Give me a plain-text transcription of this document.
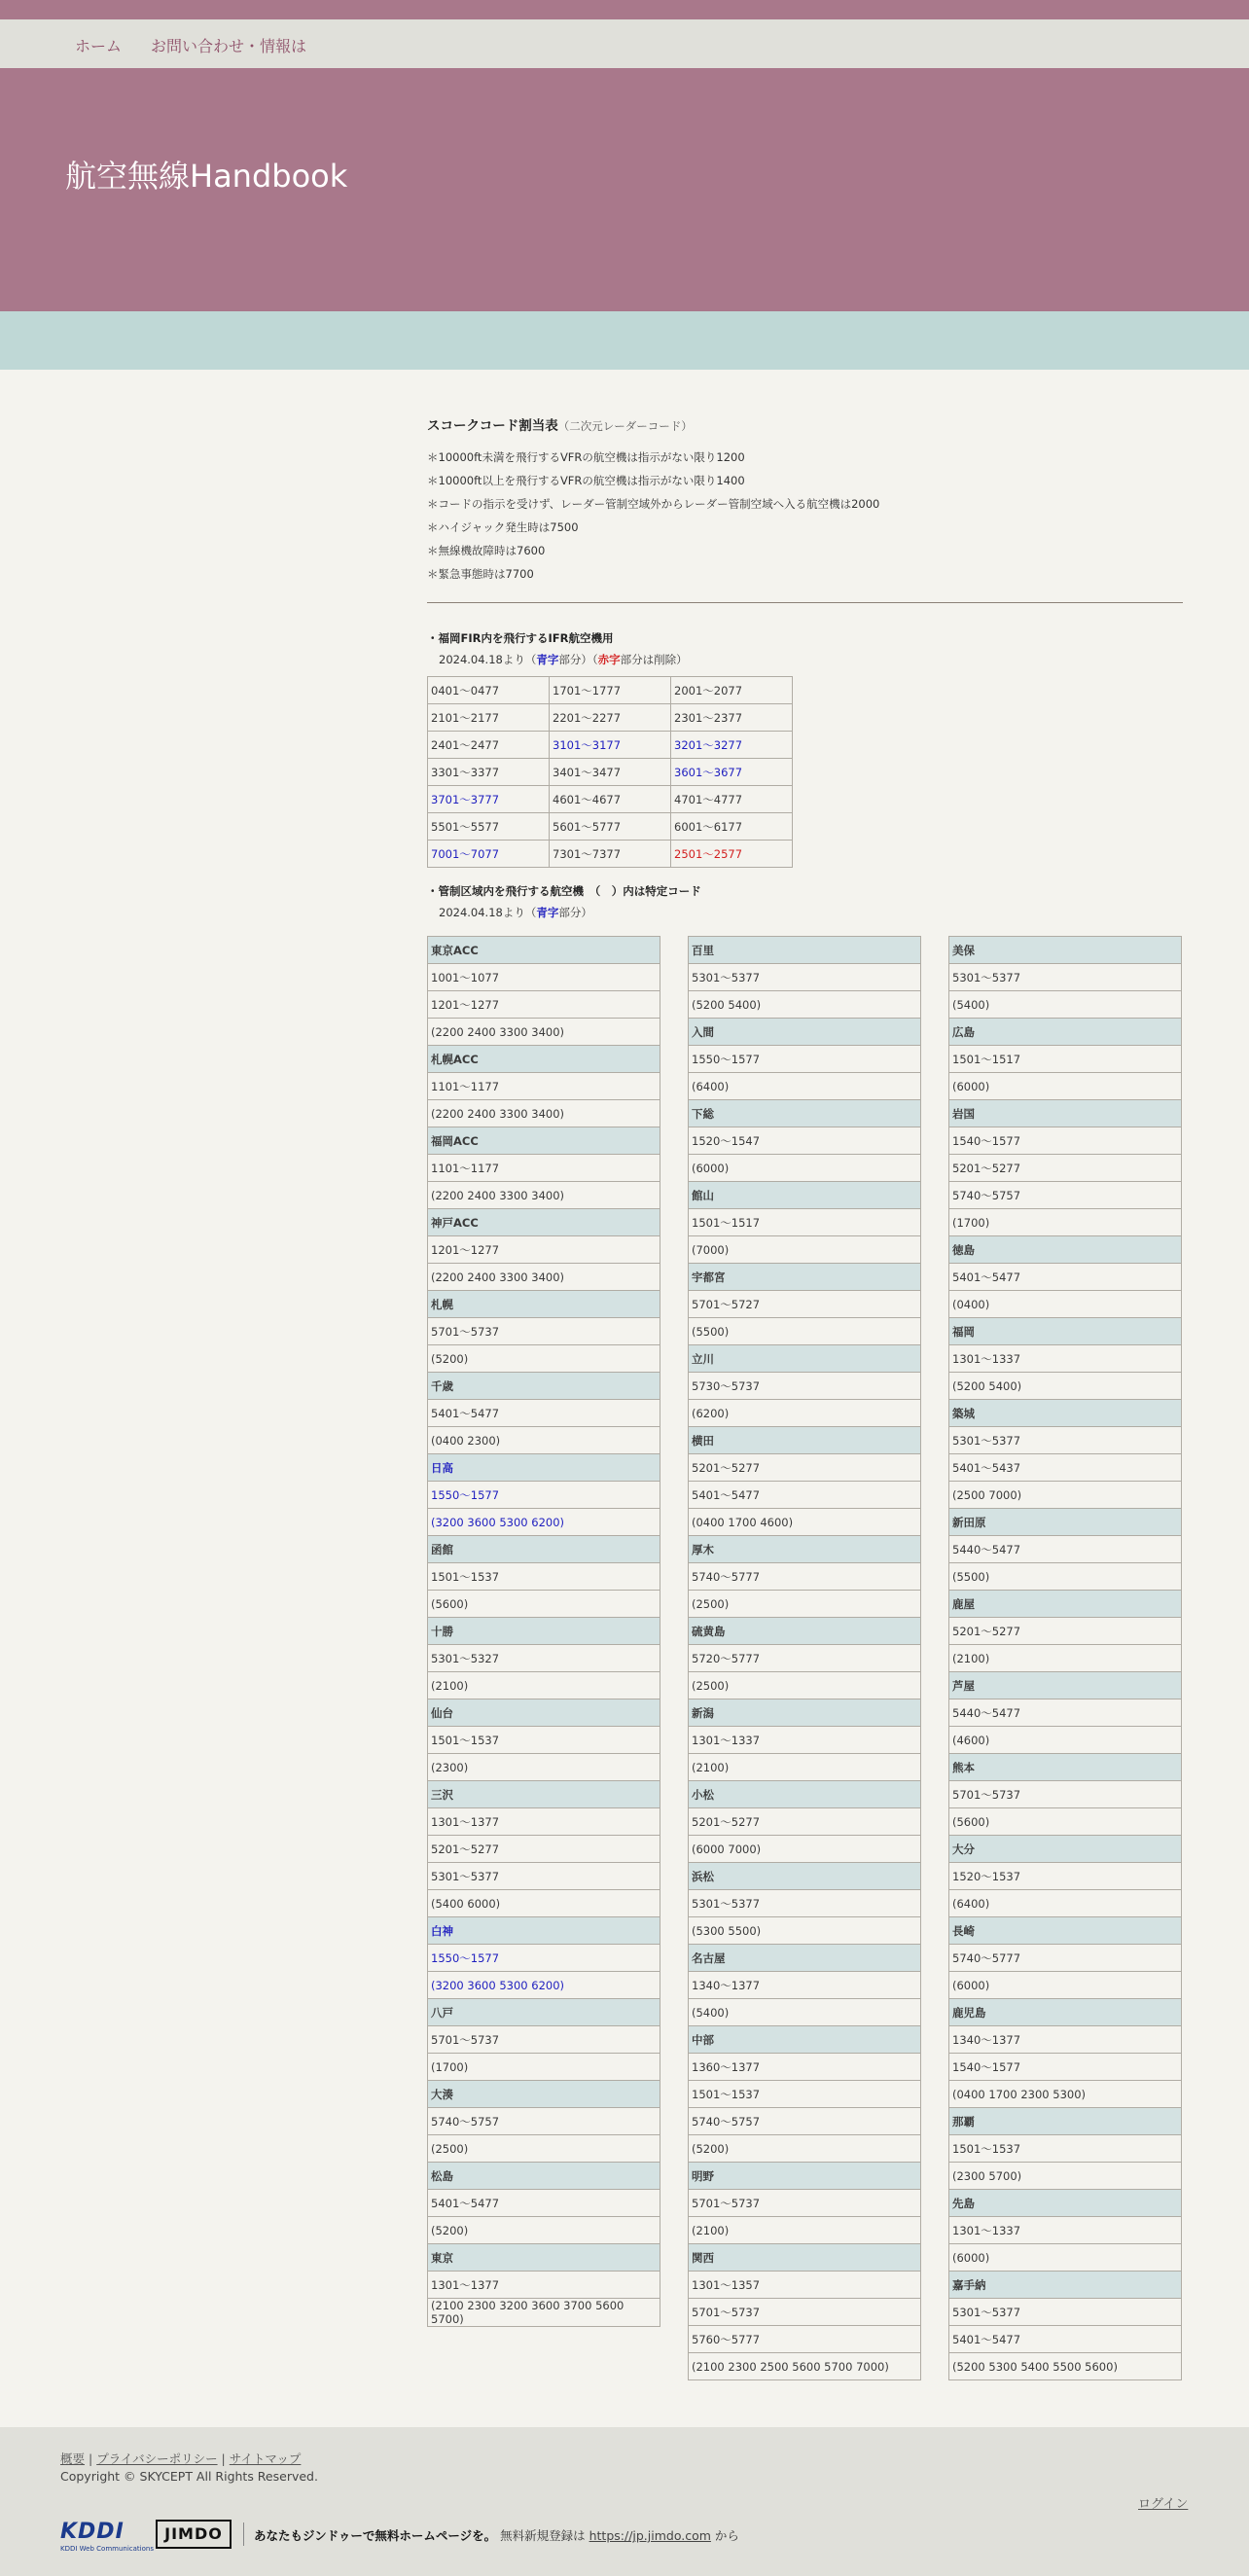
ホーム お問い合わせ・情報は
航空無線Handbook
スコークコード割当表（二次元レーダーコード）
＊10000ft未満を飛行するVFRの航空機は指示がない限り1200
＊10000ft以上を飛行するVFRの航空機は指示がない限り1400
＊コードの指示を受けず、レーダー管制空域外からレーダー管制空域へ入る航空機は2000
＊ハイジャック発生時は7500
＊無線機故障時は7600
＊緊急事態時は7700
・福岡FIR内を飛行するIFR航空機用
2024.04.18より（青字部分）（赤字部分は削除）
0401〜0477	1701〜1777	2001〜2077
2101〜2177	2201〜2277	2301〜2377
2401〜2477	3101〜3177	3201〜3277
3301〜3377	3401〜3477	3601〜3677
3701〜3777	4601〜4677	4701〜4777
5501〜5577	5601〜5777	6001〜6177
7001〜7077	7301〜7377	2501〜2577
・管制区域内を飛行する航空機　（　）内は特定コード
2024.04.18より（青字部分）
東京ACC
1001〜1077
1201〜1277
(2200 2400 3300 3400)
札幌ACC
1101〜1177
(2200 2400 3300 3400)
福岡ACC
1101〜1177
(2200 2400 3300 3400)
神戸ACC
1201〜1277
(2200 2400 3300 3400)
札幌
5701〜5737
(5200)
千歳
5401〜5477
(0400 2300)
日高
1550〜1577
(3200 3600 5300 6200)
函館
1501〜1537
(5600)
十勝
5301〜5327
(2100)
仙台
1501〜1537
(2300)
三沢
1301〜1377
5201〜5277
5301〜5377
(5400 6000)
白神
1550〜1577
(3200 3600 5300 6200)
八戸
5701〜5737
(1700)
大湊
5740〜5757
(2500)
松島
5401〜5477
(5200)
東京
1301〜1377
(2100 2300 3200 3600 3700 5600 5700)
百里
5301〜5377
(5200 5400)
入間
1550〜1577
(6400)
下総
1520〜1547
(6000)
館山
1501〜1517
(7000)
宇都宮
5701〜5727
(5500)
立川
5730〜5737
(6200)
横田
5201〜5277
5401〜5477
(0400 1700 4600)
厚木
5740〜5777
(2500)
硫黄島
5720〜5777
(2500)
新潟
1301〜1337
(2100)
小松
5201〜5277
(6000 7000)
浜松
5301〜5377
(5300 5500)
名古屋
1340〜1377
(5400)
中部
1360〜1377
1501〜1537
5740〜5757
(5200)
明野
5701〜5737
(2100)
関西
1301〜1357
5701〜5737
5760〜5777
(2100 2300 2500 5600 5700 7000)
美保
5301〜5377
(5400)
広島
1501〜1517
(6000)
岩国
1540〜1577
5201〜5277
5740〜5757
(1700)
徳島
5401〜5477
(0400)
福岡
1301〜1337
(5200 5400)
築城
5301〜5377
5401〜5437
(2500 7000)
新田原
5440〜5477
(5500)
鹿屋
5201〜5277
(2100)
芦屋
5440〜5477
(4600)
熊本
5701〜5737
(5600)
大分
1520〜1537
(6400)
長崎
5740〜5777
(6000)
鹿児島
1340〜1377
1540〜1577
(0400 1700 2300 5300)
那覇
1501〜1537
(2300 5700)
先島
1301〜1337
(6000)
嘉手納
5301〜5377
5401〜5477
(5200 5300 5400 5500 5600)
概要 | プライバシーポリシー | サイトマップ
Copyright © SKYCEPT All Rights Reserved.
ログイン
KDDI
KDDI Web Communications
JIMDO	あなたもジンドゥーで無料ホームページを。 無料新規登録は https://jp.jimdo.com から
